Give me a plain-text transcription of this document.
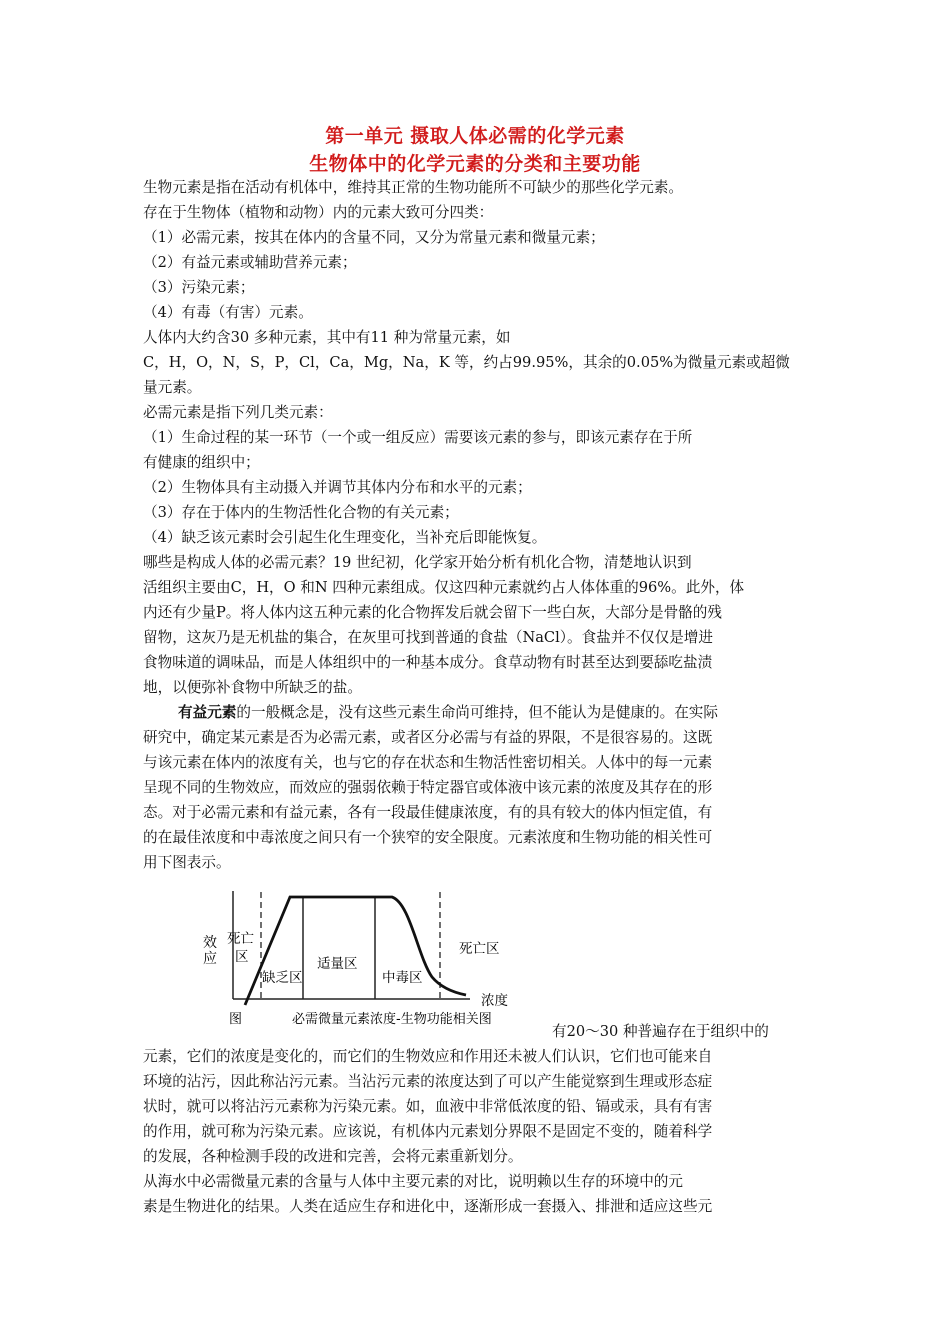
第一单元 摄取人体必需的化学元素
生物体中的化学元素的分类和主要功能
生物元素是指在活动有机体中，维持其正常的生物功能所不可缺少的那些化学元素。
存在于生物体（植物和动物）内的元素大致可分四类：
（1）必需元素，按其在体内的含量不同，又分为常量元素和微量元素；
（2）有益元素或辅助营养元素；
（3）污染元素；
（4）有毒（有害）元素。
人体内大约含30 多种元素，其中有11 种为常量元素，如
C，H，O，N，S，P，Cl，Ca，Mg，Na，K 等，约占99.95%，其余的0.05%为微量元素或超微
量元素。
必需元素是指下列几类元素：
（1）生命过程的某一环节（一个或一组反应）需要该元素的参与，即该元素存在于所
有健康的组织中；
（2）生物体具有主动摄入并调节其体内分布和水平的元素；
（3）存在于体内的生物活性化合物的有关元素；
（4）缺乏该元素时会引起生化生理变化，当补充后即能恢复。
哪些是构成人体的必需元素？19 世纪初，化学家开始分析有机化合物，清楚地认识到
活组织主要由C，H，O 和N 四种元素组成。仅这四种元素就约占人体体重的96%。此外，体
内还有少量P。将人体内这五种元素的化合物挥发后就会留下一些白灰，大部分是骨骼的残
留物，这灰乃是无机盐的集合，在灰里可找到普通的食盐（NaCl）。食盐并不仅仅是增进
食物味道的调味品，而是人体组织中的一种基本成分。食草动物有时甚至达到要舔吃盐渍
地，以便弥补食物中所缺乏的盐。
有益元素的一般概念是，没有这些元素生命尚可维持，但不能认为是健康的。在实际
研究中，确定某元素是否为必需元素，或者区分必需与有益的界限，不是很容易的。这既
与该元素在体内的浓度有关，也与它的存在状态和生物活性密切相关。人体中的每一元素
呈现不同的生物效应，而效应的强弱依赖于特定器官或体液中该元素的浓度及其存在的形
态。对于必需元素和有益元素，各有一段最佳健康浓度，有的具有较大的体内恒定值，有
的在最佳浓度和中毒浓度之间只有一个狭窄的安全限度。元素浓度和生物功能的相关性可
用下图表示。
效
应
死亡
区
缺乏区
适量区
中毒区
死亡区
浓度
图	必需微量元素浓度-生物功能相关图
有20～30 种普遍存在于组织中的
元素，它们的浓度是变化的，而它们的生物效应和作用还未被人们认识，它们也可能来自
环境的沾污，因此称沾污元素。当沾污元素的浓度达到了可以产生能觉察到生理或形态症
状时，就可以将沾污元素称为污染元素。如，血液中非常低浓度的铅、镉或汞，具有有害
的作用，就可称为污染元素。应该说，有机体内元素划分界限不是固定不变的，随着科学
的发展，各种检测手段的改进和完善，会将元素重新划分。
从海水中必需微量元素的含量与人体中主要元素的对比，说明赖以生存的环境中的元
素是生物进化的结果。人类在适应生存和进化中，逐渐形成一套摄入、排泄和适应这些元
